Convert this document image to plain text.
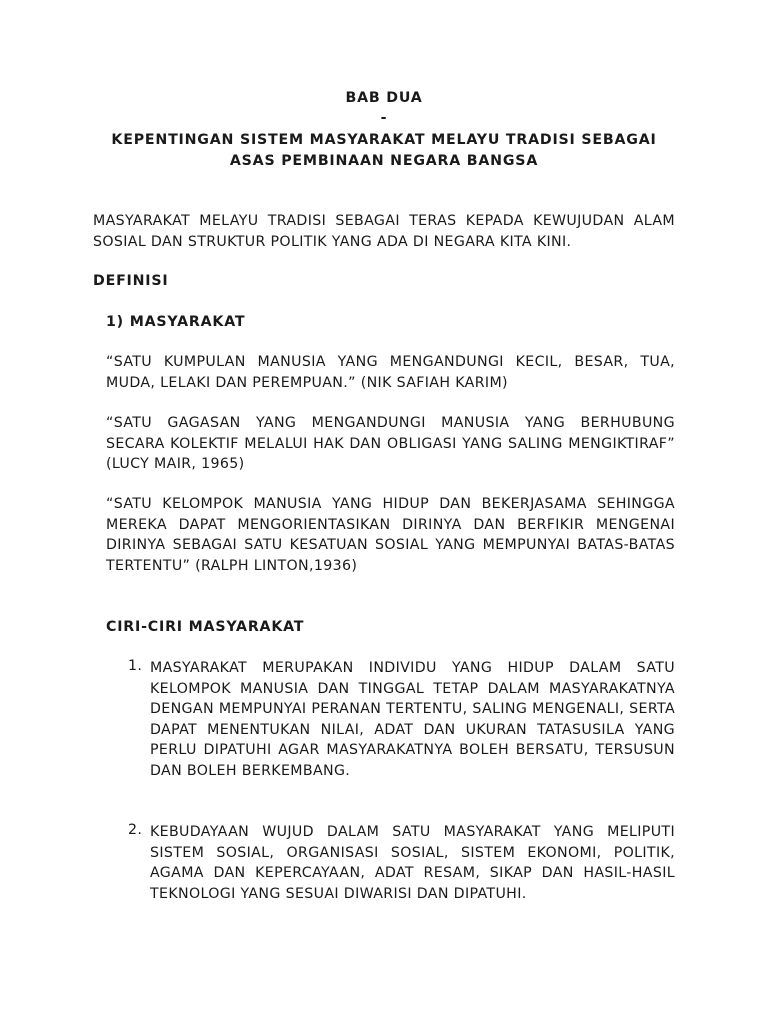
BAB DUA
-
KEPENTINGAN SISTEM MASYARAKAT MELAYU TRADISI SEBAGAI ASAS PEMBINAAN NEGARA BANGSA
MASYARAKAT MELAYU TRADISI SEBAGAI TERAS KEPADA KEWUJUDAN ALAM SOSIAL DAN STRUKTUR POLITIK YANG ADA DI NEGARA KITA KINI.
DEFINISI
1) MASYARAKAT
“SATU KUMPULAN MANUSIA YANG MENGANDUNGI KECIL, BESAR, TUA, MUDA, LELAKI DAN PEREMPUAN.” (NIK SAFIAH KARIM)
“SATU GAGASAN YANG MENGANDUNGI MANUSIA YANG BERHUBUNG SECARA KOLEKTIF MELALUI HAK DAN OBLIGASI YANG SALING MENGIKTIRAF” (LUCY MAIR, 1965)
“SATU KELOMPOK MANUSIA YANG HIDUP DAN BEKERJASAMA SEHINGGA MEREKA DAPAT MENGORIENTASIKAN DIRINYA DAN BERFIKIR MENGENAI DIRINYA SEBAGAI SATU KESATUAN SOSIAL YANG MEMPUNYAI BATAS-BATAS TERTENTU” (RALPH LINTON,1936)
CIRI-CIRI MASYARAKAT
1. MASYARAKAT MERUPAKAN INDIVIDU YANG HIDUP DALAM SATU KELOMPOK MANUSIA DAN TINGGAL TETAP DALAM MASYARAKATNYA DENGAN MEMPUNYAI PERANAN TERTENTU, SALING MENGENALI, SERTA DAPAT MENENTUKAN NILAI, ADAT DAN UKURAN TATASUSILA YANG PERLU DIPATUHI AGAR MASYARAKATNYA BOLEH BERSATU, TERSUSUN DAN BOLEH BERKEMBANG.
2. KEBUDAYAAN WUJUD DALAM SATU MASYARAKAT YANG MELIPUTI SISTEM SOSIAL, ORGANISASI SOSIAL, SISTEM EKONOMI, POLITIK, AGAMA DAN KEPERCAYAAN, ADAT RESAM, SIKAP DAN HASIL-HASIL TEKNOLOGI YANG SESUAI DIWARISI DAN DIPATUHI.
